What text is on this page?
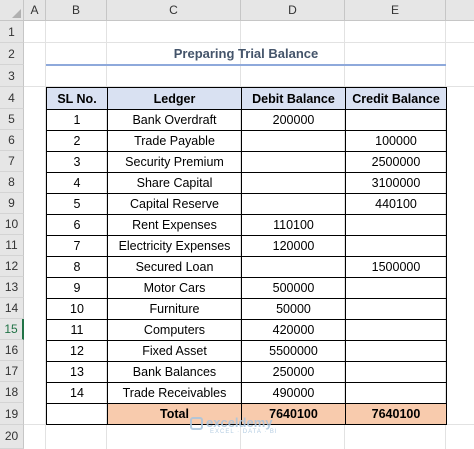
A	B	C	D	E
1
2
3
4
5
6
7
8
9
10
11
12
13
14
15
16
17
18
19
20
Preparing Trial Balance
SL No.	Ledger	Debit Balance	Credit Balance
1	Bank Overdraft	200000	
2	Trade Payable		100000
3	Security Premium		2500000
4	Share Capital		3100000
5	Capital Reserve		440100
6	Rent Expenses	110100	
7	Electricity Expenses	120000	
8	Secured Loan		1500000
9	Motor Cars	500000	
10	Furniture	50000	
11	Computers	420000	
12	Fixed Asset	5500000	
13	Bank Balances	250000	
14	Trade Receivables	490000	
	Total	7640100	7640100
exceldemy
EXCEL · DATA · BI
